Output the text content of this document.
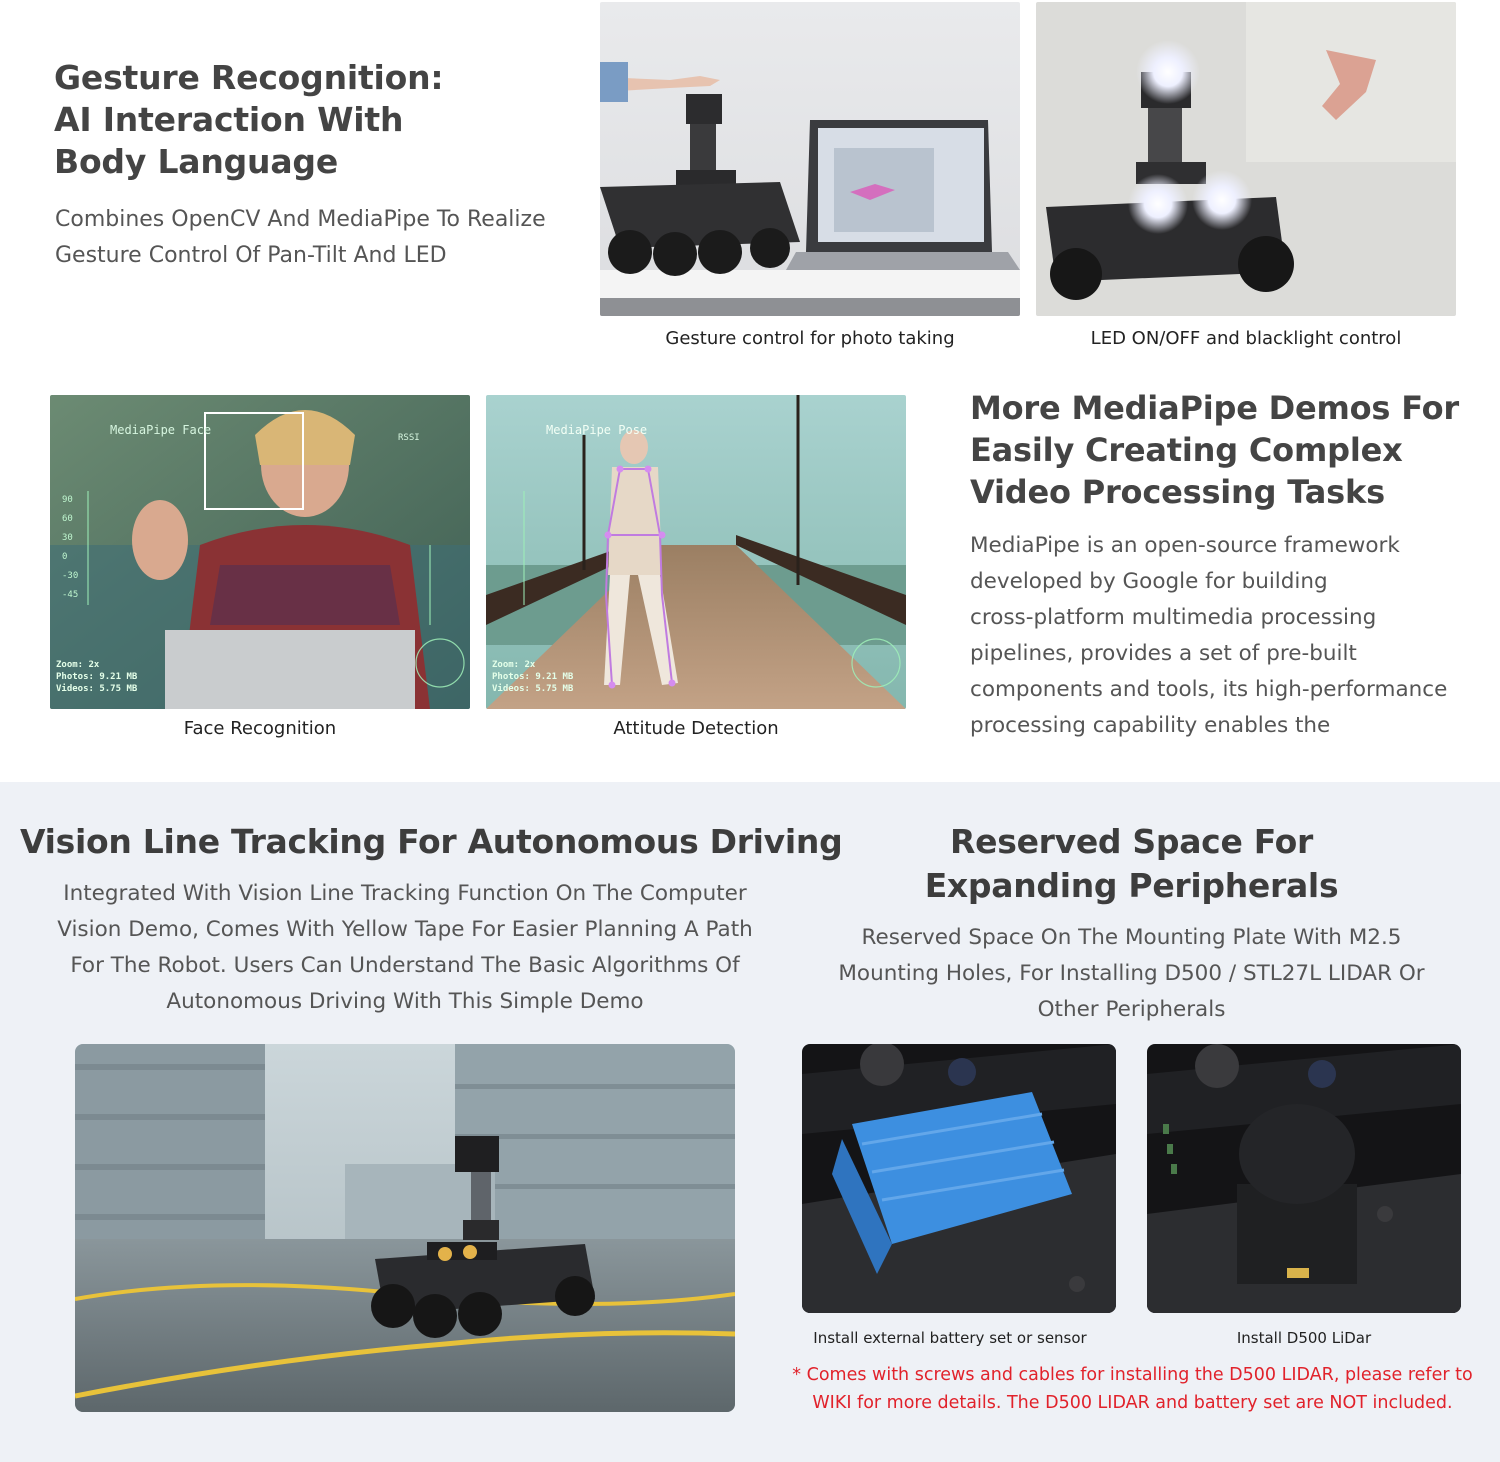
Gesture Recognition:
AI Interaction With
Body Language
Combines OpenCV And MediaPipe To Realize
Gesture Control Of Pan-Tilt And LED
Gesture control for photo taking	LED ON/OFF and blacklight control
MediaPipe Face
RSSI
90
60
30
0
-30
-45
Zoom: 2x
Photos: 9.21 MB
Videos: 5.75 MB
Face Recognition
MediaPipe Pose
Zoom: 2x
Photos: 9.21 MB
Videos: 5.75 MB
Attitude Detection
More MediaPipe Demos For
Easily Creating Complex
Video Processing Tasks
MediaPipe is an open-source framework
developed by Google for building
cross-platform multimedia processing
pipelines, provides a set of pre-built
components and tools, its high-performance
processing capability enables the
Vision Line Tracking For Autonomous Driving
Integrated With Vision Line Tracking Function On The Computer
Vision Demo, Comes With Yellow Tape For Easier Planning A Path
For The Robot. Users Can Understand The Basic Algorithms Of
Autonomous Driving With This Simple Demo
Reserved Space For
Expanding Peripherals
Reserved Space On The Mounting Plate With M2.5
Mounting Holes, For Installing D500 / STL27L LIDAR Or
Other Peripherals
Install external battery set or sensor	Install D500 LiDar
* Comes with screws and cables for installing the D500 LIDAR, please refer to
WIKI for more details. The D500 LIDAR and battery set are NOT included.
